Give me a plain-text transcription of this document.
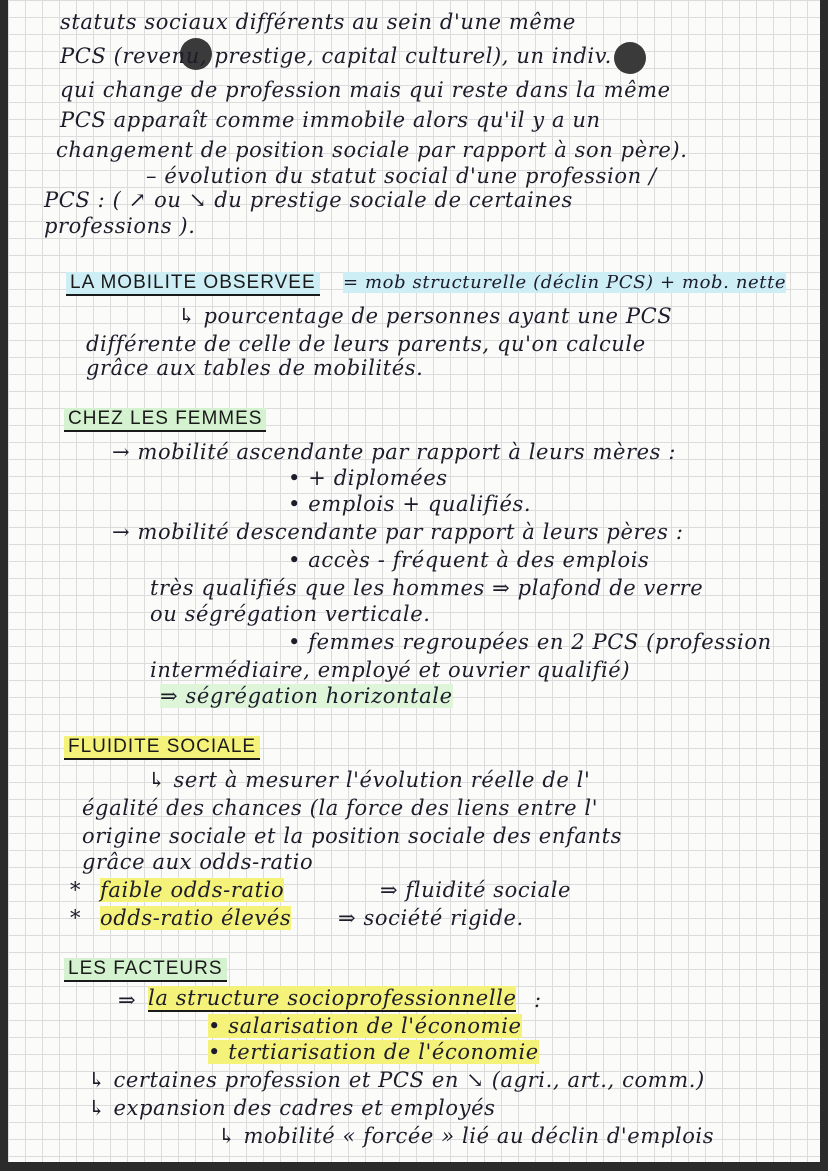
statuts sociaux différents au sein d'une même
PCS (revenu, prestige, capital culturel), un indiv.
qui change de profession mais qui reste dans la même
PCS apparaît comme immobile alors qu'il y a un
changement de position sociale par rapport à son père).
– évolution du statut social d'une profession /
PCS : ( ↗ ou ↘ du prestige sociale de certaines
professions ).
LA MOBILITE OBSERVEE = mob structurelle (déclin PCS) + mob. nette
↳ pourcentage de personnes ayant une PCS
différente de celle de leurs parents, qu'on calcule
grâce aux tables de mobilités.
CHEZ LES FEMMES
→ mobilité ascendante par rapport à leurs mères :
• + diplomées
• emplois + qualifiés.
→ mobilité descendante par rapport à leurs pères :
• accès - fréquent à des emplois
très qualifiés que les hommes ⇒ plafond de verre
ou ségrégation verticale.
• femmes regroupées en 2 PCS (profession
intermédiaire, employé et ouvrier qualifié)
⇒ ségrégation horizontale
FLUIDITE SOCIALE
↳ sert à mesurer l'évolution réelle de l'
égalité des chances (la force des liens entre l'
origine sociale et la position sociale des enfants
grâce aux odds-ratio
* faible odds-ratio	⇒ fluidité sociale
* odds-ratio élevés ⇒ société rigide.
LES FACTEURS
⇒ la structure socioprofessionnelle :
• salarisation de l'économie
• tertiarisation de l'économie
↳ certaines profession et PCS en ↘ (agri., art., comm.)
↳ expansion des cadres et employés
↳ mobilité « forcée » lié au déclin d'emplois
